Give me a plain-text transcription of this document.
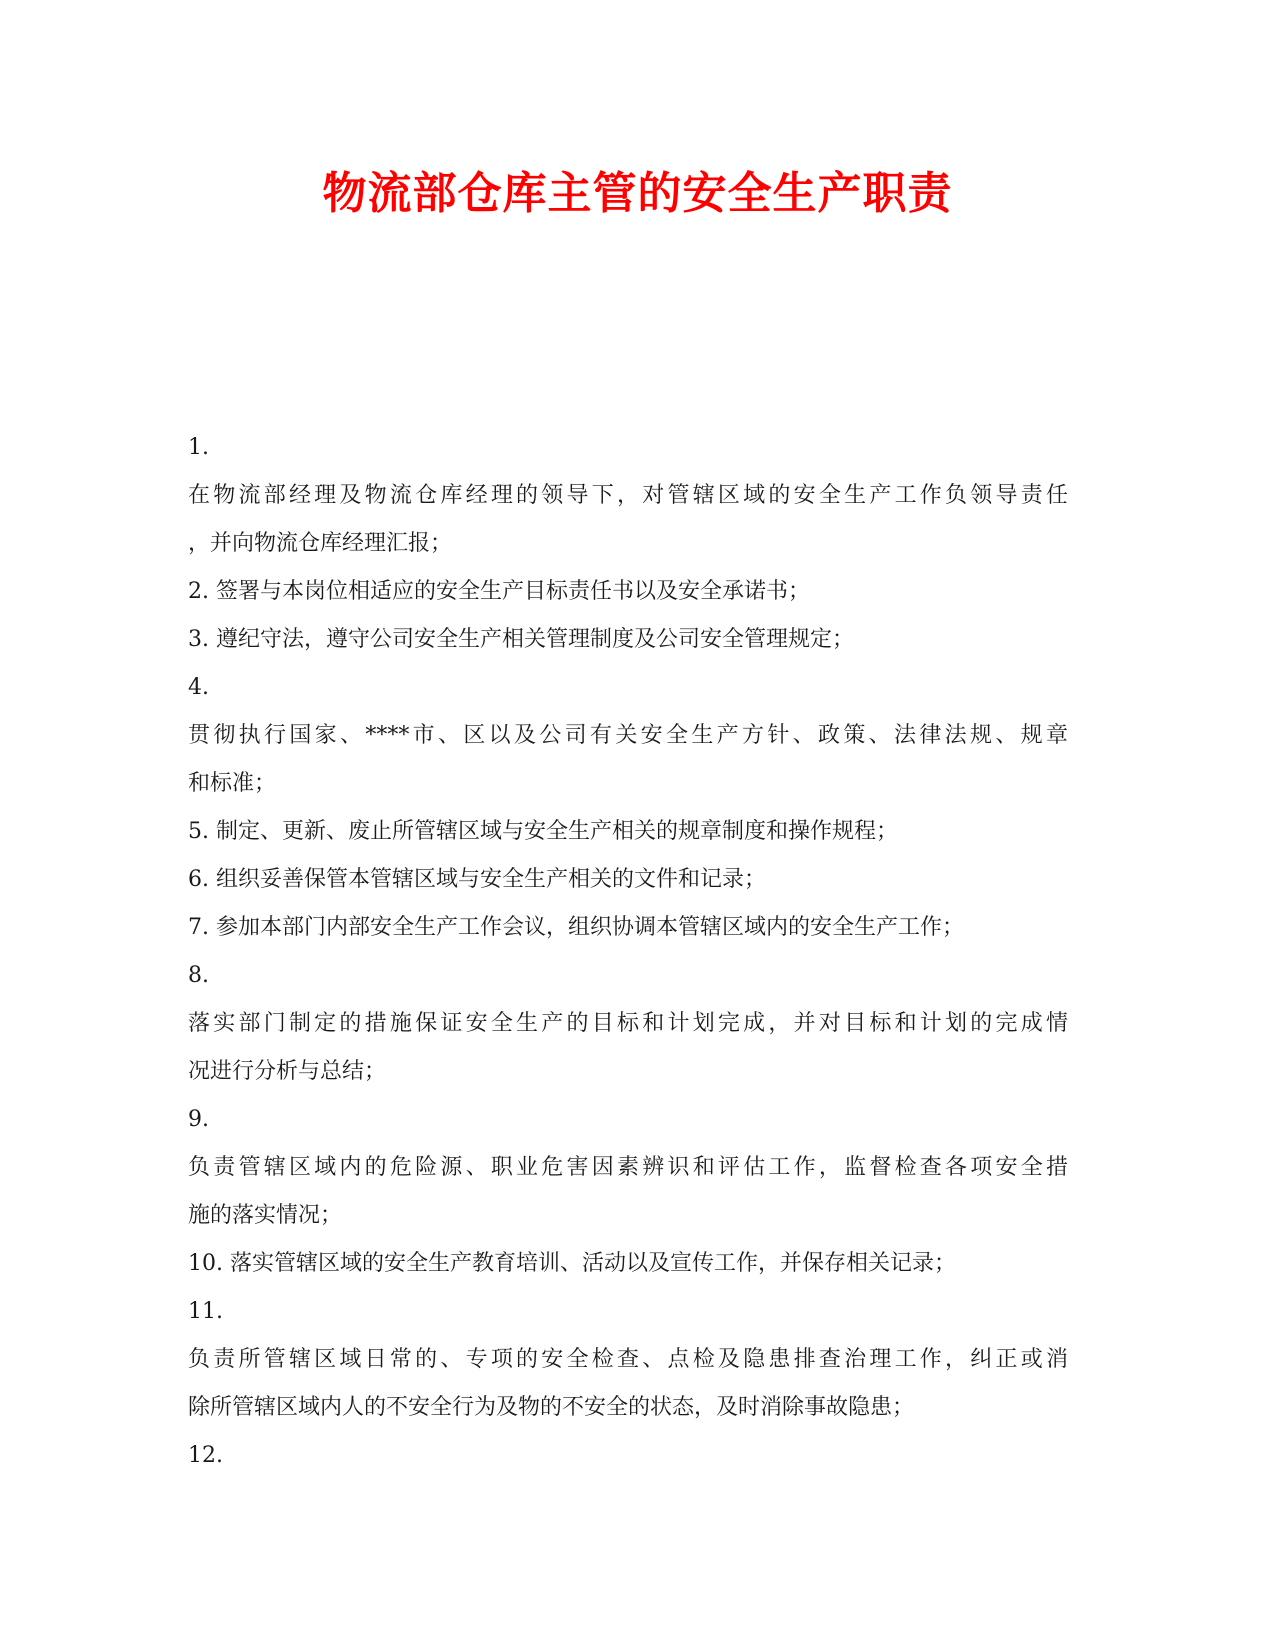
物流部仓库主管的安全生产职责
1.
在物流部经理及物流仓库经理的领导下，对管辖区域的安全生产工作负领导责任
，并向物流仓库经理汇报；
2. 签署与本岗位相适应的安全生产目标责任书以及安全承诺书；
3. 遵纪守法，遵守公司安全生产相关管理制度及公司安全管理规定；
4.
贯彻执行国家、****市、区以及公司有关安全生产方针、政策、法律法规、规章
和标准；
5. 制定、更新、废止所管辖区域与安全生产相关的规章制度和操作规程；
6. 组织妥善保管本管辖区域与安全生产相关的文件和记录；
7. 参加本部门内部安全生产工作会议，组织协调本管辖区域内的安全生产工作；
8.
落实部门制定的措施保证安全生产的目标和计划完成，并对目标和计划的完成情
况进行分析与总结；
9.
负责管辖区域内的危险源、职业危害因素辨识和评估工作，监督检查各项安全措
施的落实情况；
10. 落实管辖区域的安全生产教育培训、活动以及宣传工作，并保存相关记录；
11.
负责所管辖区域日常的、专项的安全检查、点检及隐患排查治理工作，纠正或消
除所管辖区域内人的不安全行为及物的不安全的状态，及时消除事故隐患；
12.
